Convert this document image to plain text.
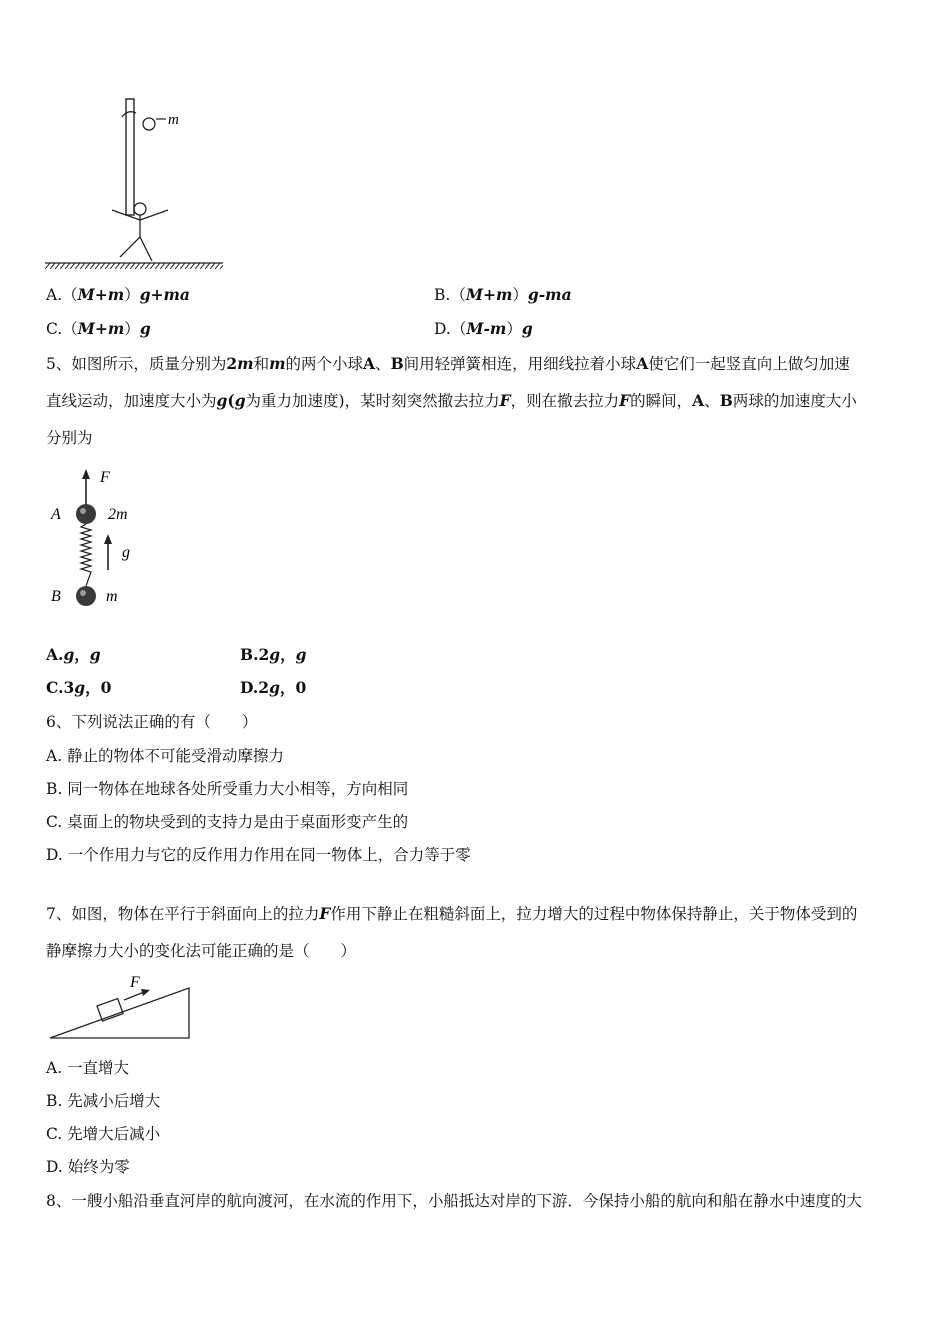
m
A.（M+m）g+ma	B.（M+m）g-ma
C.（M+m）g	D.（M-m）g
5、如图所示，质量分别为2m和m的两个小球A、B间用轻弹簧相连，用细线拉着小球A使它们一起竖直向上做匀加速
直线运动，加速度大小为g(g为重力加速度)，某时刻突然撤去拉力F，则在撤去拉力F的瞬间，A、B两球的加速度大小
分别为
F
A	2m
g
B	m
A.g，g	B.2g，g
C.3g，0	D.2g，0
6、下列说法正确的有（　　）
A. 静止的物体不可能受滑动摩擦力
B. 同一物体在地球各处所受重力大小相等，方向相同
C. 桌面上的物块受到的支持力是由于桌面形变产生的
D. 一个作用力与它的反作用力作用在同一物体上，合力等于零
7、如图，物体在平行于斜面向上的拉力F作用下静止在粗糙斜面上，拉力增大的过程中物体保持静止，关于物体受到的
静摩擦力大小的变化法可能正确的是（　　）
F
A. 一直增大
B. 先减小后增大
C. 先增大后减小
D. 始终为零
8、一艘小船沿垂直河岸的航向渡河，在水流的作用下，小船抵达对岸的下游．今保持小船的航向和船在静水中速度的大
